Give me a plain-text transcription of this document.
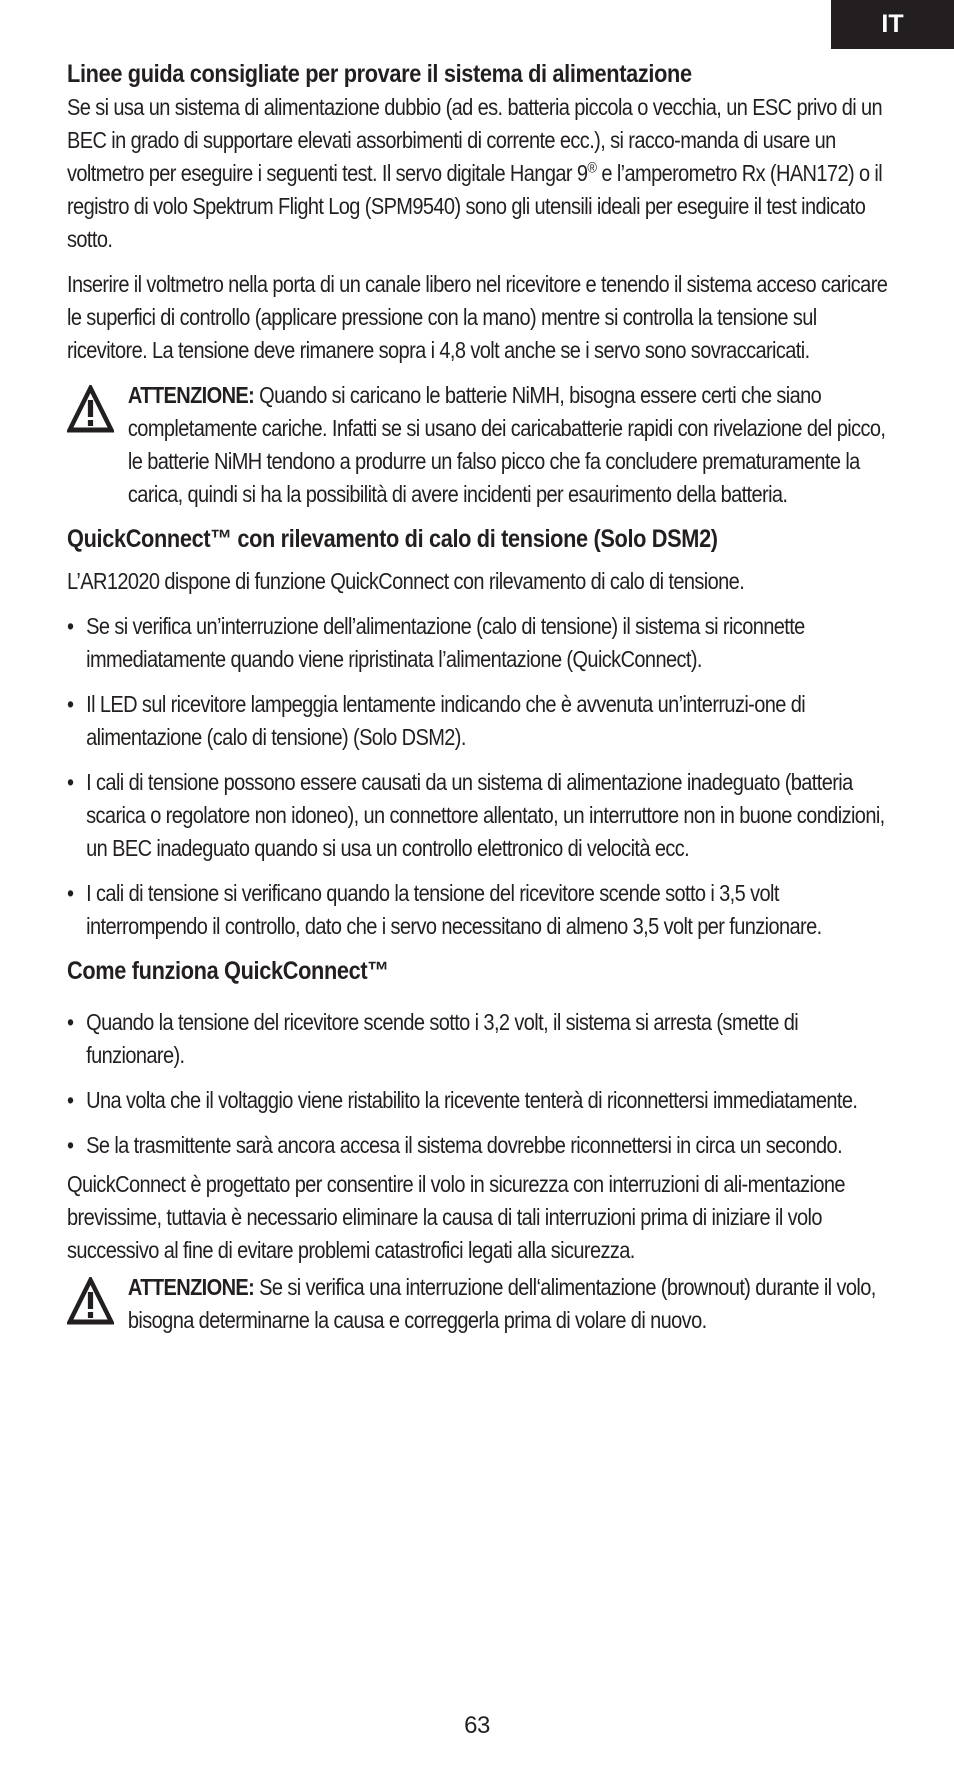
IT
Linee guida consigliate per provare il sistema di alimentazione

Se si usa un sistema di alimentazione dubbio (ad es. batteria piccola o vecchia, un ESC privo di un BEC in grado di supportare elevati assorbimenti di corrente ecc.), si racco-manda di usare un voltmetro per eseguire i seguenti test. Il servo digitale Hangar 9® e l’amperometro Rx (HAN172) o il registro di volo Spektrum Flight Log (SPM9540) sono gli utensili ideali per eseguire il test indicato sotto.

Inserire il voltmetro nella porta di un canale libero nel ricevitore e tenendo il sistema acceso caricare le superfici di controllo (applicare pressione con la mano) mentre si controlla la tensione sul ricevitore. La tensione deve rimanere sopra i 4,8 volt anche se i servo sono sovraccaricati.

ATTENZIONE: Quando si caricano le batterie NiMH, bisogna essere certi che siano completamente cariche. Infatti se si usano dei caricabatterie rapidi con rivelazione del picco, le batterie NiMH tendono a produrre un falso picco che fa concludere prematuramente la carica, quindi si ha la possibilità di avere incidenti per esaurimento della batteria.

QuickConnect™ con rilevamento di calo di tensione (Solo DSM2)

L’AR12020 dispone di funzione QuickConnect con rilevamento di calo di tensione.

• Se si verifica un’interruzione dell’alimentazione (calo di tensione) il sistema si riconnette immediatamente quando viene ripristinata l’alimentazione (QuickConnect).
• Il LED sul ricevitore lampeggia lentamente indicando che è avvenuta un’interruzi-one di alimentazione (calo di tensione) (Solo DSM2).
• I cali di tensione possono essere causati da un sistema di alimentazione inadeguato (batteria scarica o regolatore non idoneo), un connettore allentato, un interruttore non in buone condizioni, un BEC inadeguato quando si usa un controllo elettronico di velocità ecc.
• I cali di tensione si verificano quando la tensione del ricevitore scende sotto i 3,5 volt interrompendo il controllo, dato che i servo necessitano di almeno 3,5 volt per funzionare.
Come funziona QuickConnect™
• Quando la tensione del ricevitore scende sotto i 3,2 volt, il sistema si arresta (smette di funzionare).
• Una volta che il voltaggio viene ristabilito la ricevente tenterà di riconnettersi immediatamente.
• Se la trasmittente sarà ancora accesa il sistema dovrebbe riconnettersi in circa un secondo.

QuickConnect è progettato per consentire il volo in sicurezza con interruzioni di ali-mentazione brevissime, tuttavia è necessario eliminare la causa di tali interruzioni prima di iniziare il volo successivo al fine di evitare problemi catastrofici legati alla sicurezza.

ATTENZIONE: Se si verifica una interruzione dell‘alimentazione (brownout) durante il volo, bisogna determinarne la causa e correggerla prima di volare di nuovo.

63
